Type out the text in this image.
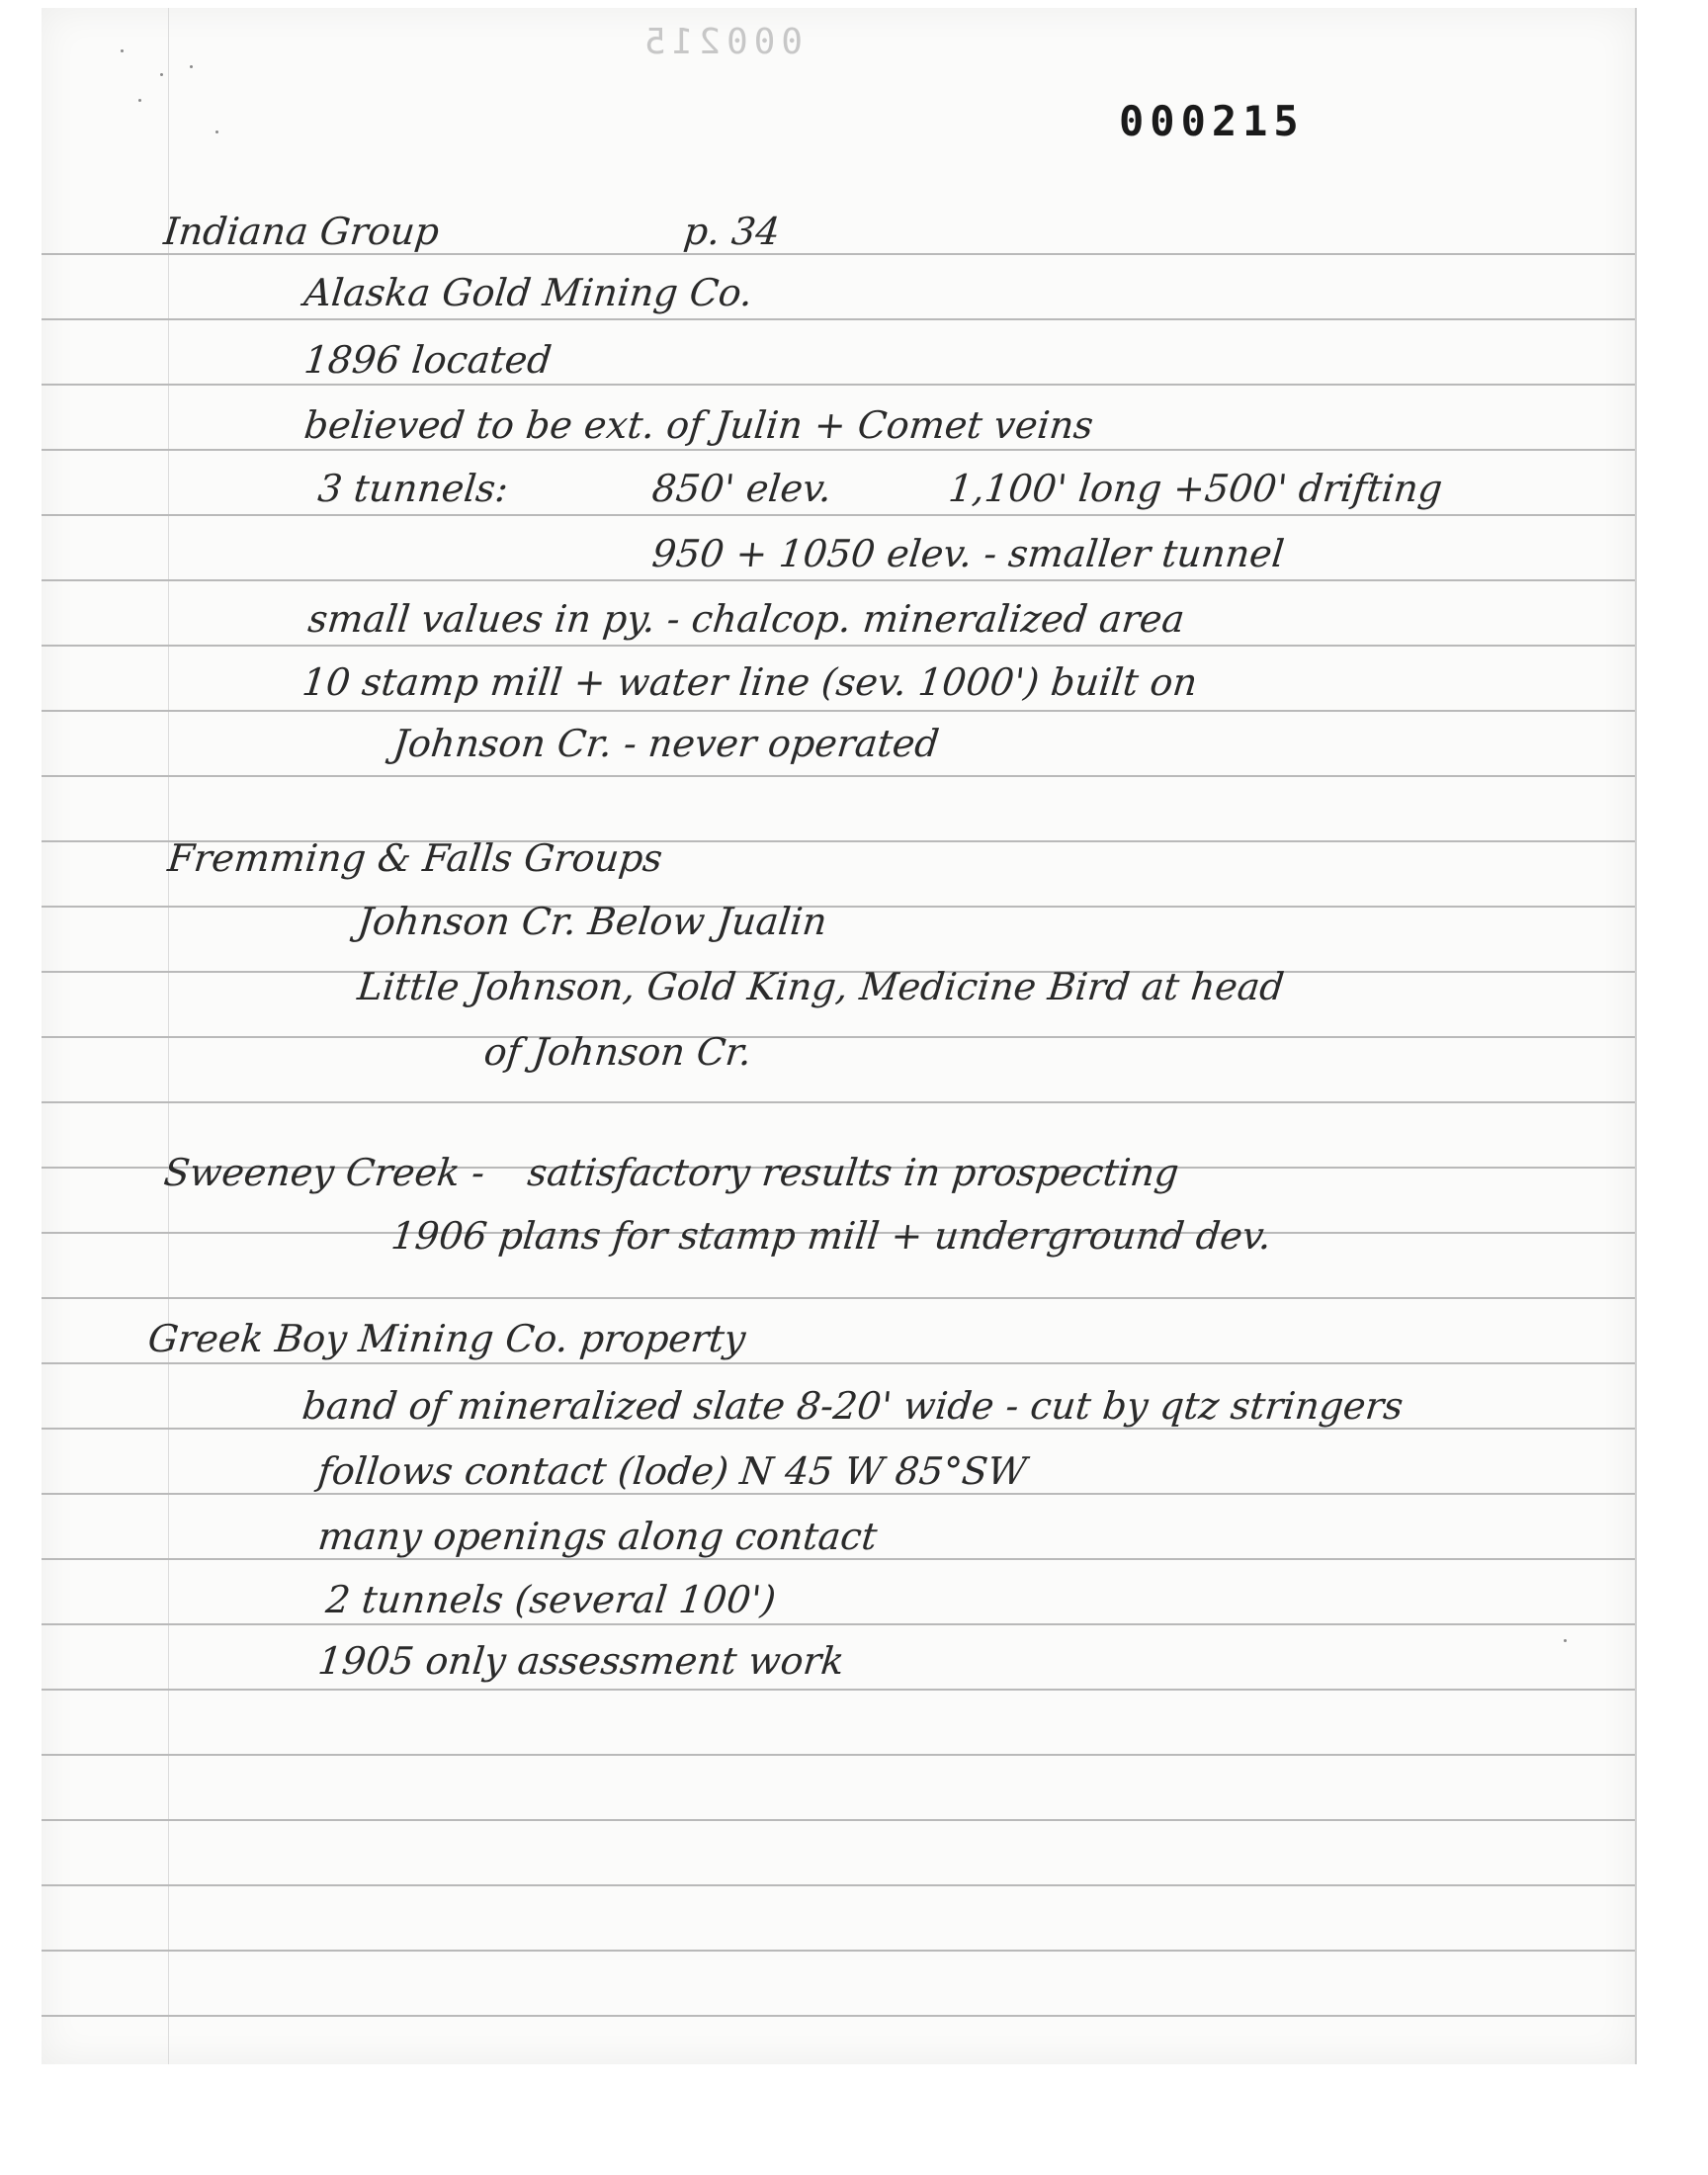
000215
000215
Indiana Group	p. 34
Alaska Gold Mining Co.
1896 located
believed to be ext. of Julin + Comet veins
3 tunnels:	850' elev.	1,100' long +500' drifting
950 + 1050 elev. - smaller tunnel
small values in py. - chalcop. mineralized area
10 stamp mill + water line (sev. 1000') built on
Johnson Cr. - never operated
Fremming & Falls Groups
Johnson Cr. Below Jualin
Little Johnson, Gold King, Medicine Bird at head
of Johnson Cr.
Sweeney Creek - satisfactory results in prospecting
1906 plans for stamp mill + underground dev.
Greek Boy Mining Co. property
band of mineralized slate 8-20' wide - cut by qtz stringers
follows contact (lode) N 45 W 85°SW
many openings along contact
2 tunnels (several 100')
1905 only assessment work
